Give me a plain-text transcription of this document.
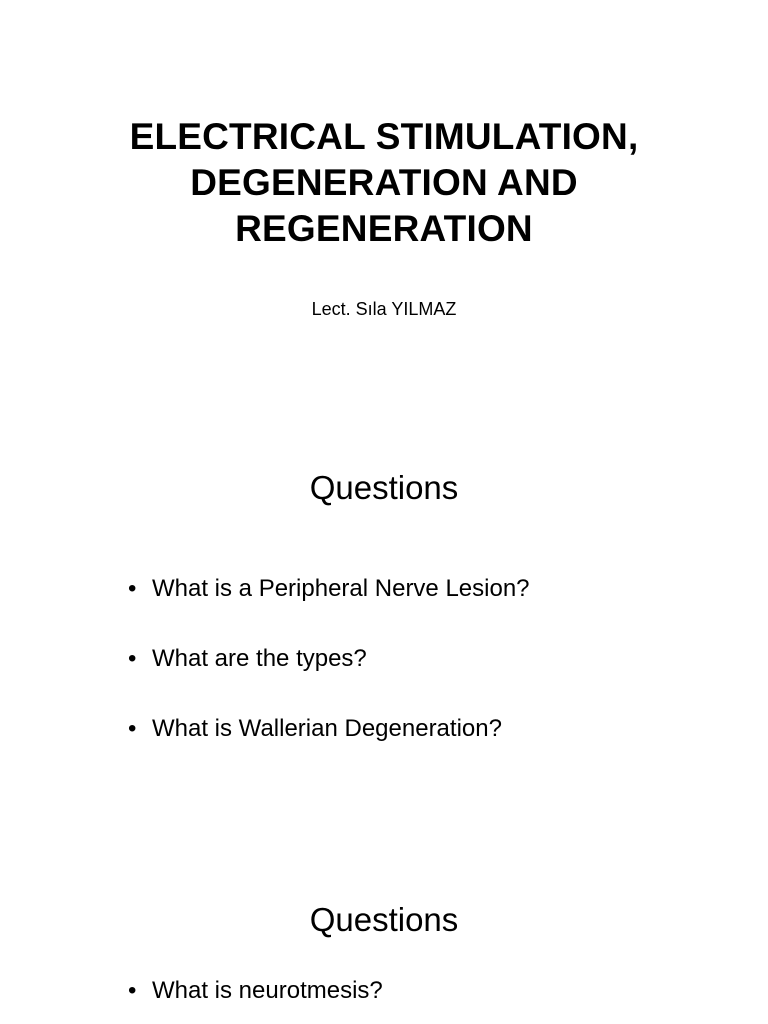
ELECTRICAL STIMULATION,
DEGENERATION AND
REGENERATION
Lect. Sıla YILMAZ
Questions
• What is a Peripheral Nerve Lesion?
• What are the types?
• What is Wallerian Degeneration?
Questions
• What is neurotmesis?
